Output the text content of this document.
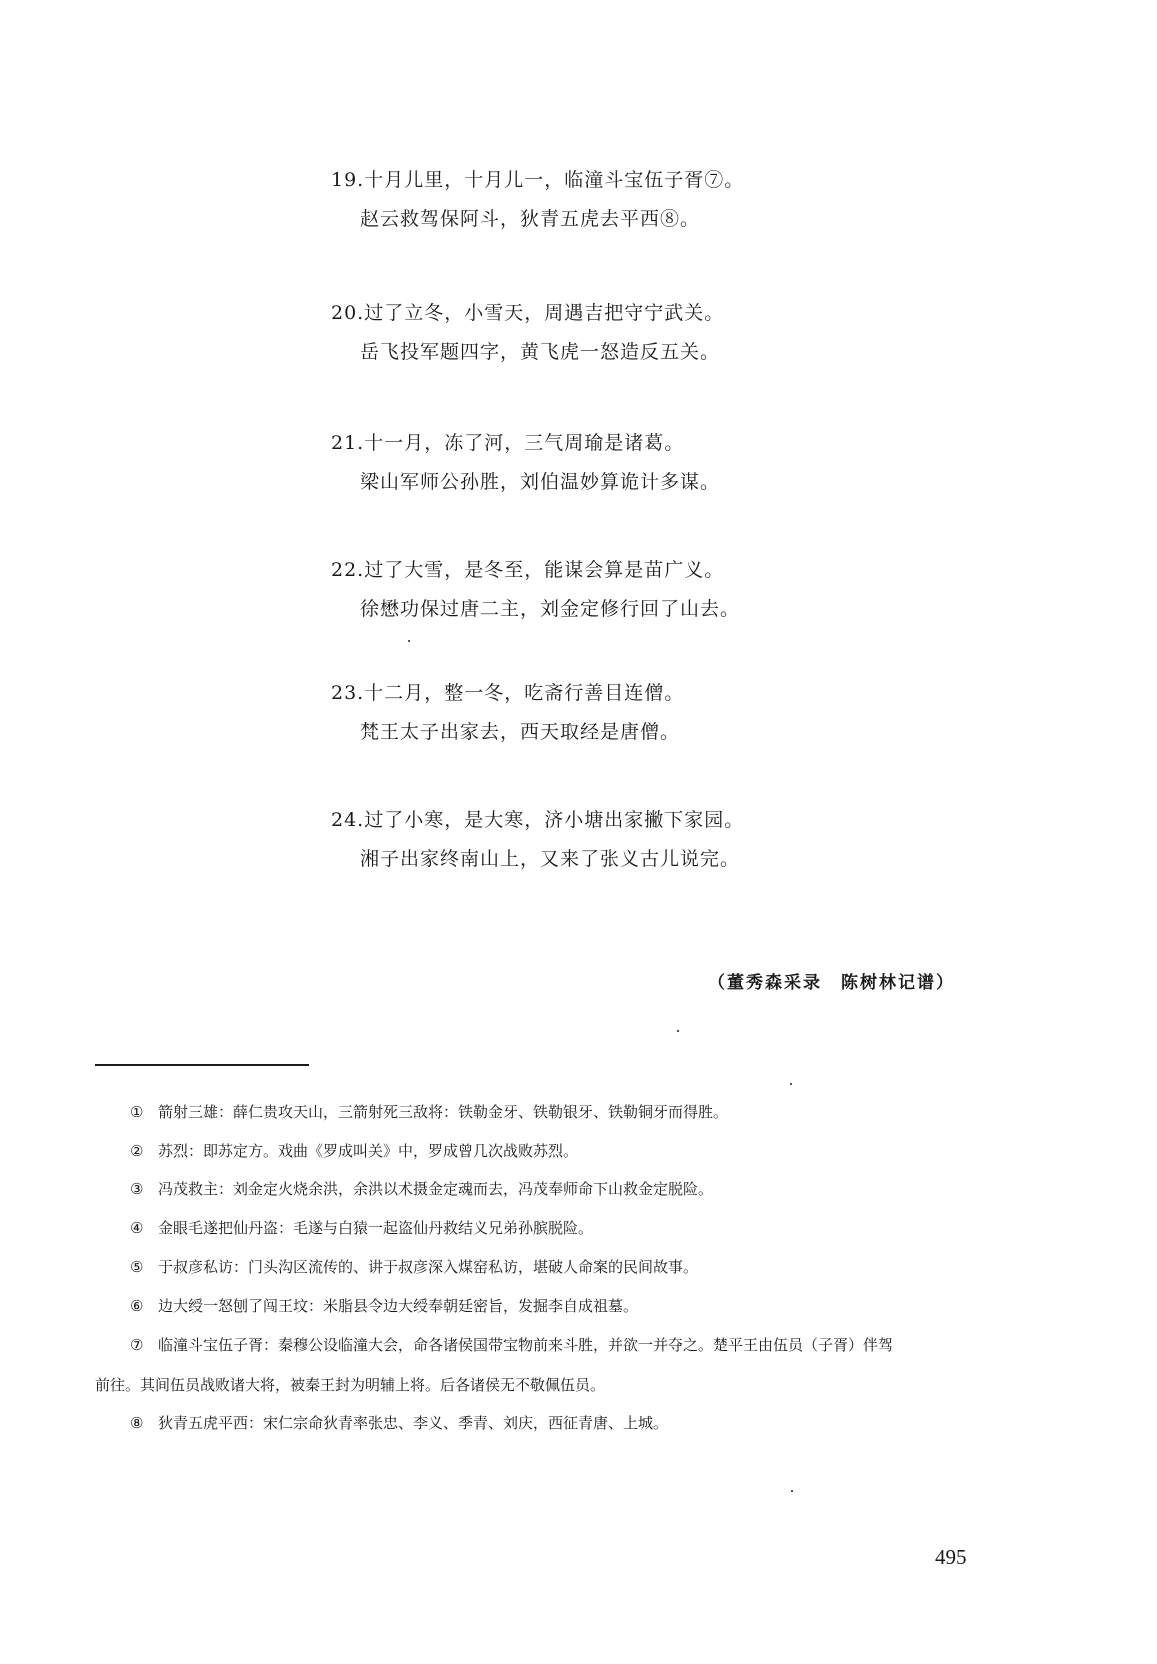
19.十月儿里，十月儿一，临潼斗宝伍子胥⑦。
赵云救驾保阿斗，狄青五虎去平西⑧。
20.过了立冬，小雪天，周遇吉把守宁武关。
岳飞投军题四字，黄飞虎一怒造反五关。
21.十一月，冻了河，三气周瑜是诸葛。
梁山军师公孙胜，刘伯温妙算诡计多谋。
22.过了大雪，是冬至，能谋会算是苗广义。
徐懋功保过唐二主，刘金定修行回了山去。
23.十二月，整一冬，吃斋行善目连僧。
梵王太子出家去，西天取经是唐僧。
24.过了小寒，是大寒，济小塘出家撇下家园。
湘子出家终南山上，又来了张义古儿说完。
（董秀森采录　陈树林记谱）
① 箭射三雄：薛仁贵攻天山，三箭射死三敌将：铁勒金牙、铁勒银牙、铁勒铜牙而得胜。
② 苏烈：即苏定方。戏曲《罗成叫关》中，罗成曾几次战败苏烈。
③ 冯茂救主：刘金定火烧余洪，余洪以术摄金定魂而去，冯茂奉师命下山救金定脱险。
④ 金眼毛遂把仙丹盗：毛遂与白猿一起盗仙丹救结义兄弟孙膑脱险。
⑤ 于叔彦私访：门头沟区流传的、讲于叔彦深入煤窑私访，堪破人命案的民间故事。
⑥ 边大绶一怒刨了闯王坟：米脂县令边大绶奉朝廷密旨，发掘李自成祖墓。
⑦ 临潼斗宝伍子胥：秦穆公设临潼大会，命各诸侯国带宝物前来斗胜，并欲一并夺之。楚平王由伍员（子胥）伴驾
前往。其间伍员战败诸大将，被秦王封为明辅上将。后各诸侯无不敬佩伍员。
⑧ 狄青五虎平西：宋仁宗命狄青率张忠、李义、季青、刘庆，西征青唐、上城。
495
